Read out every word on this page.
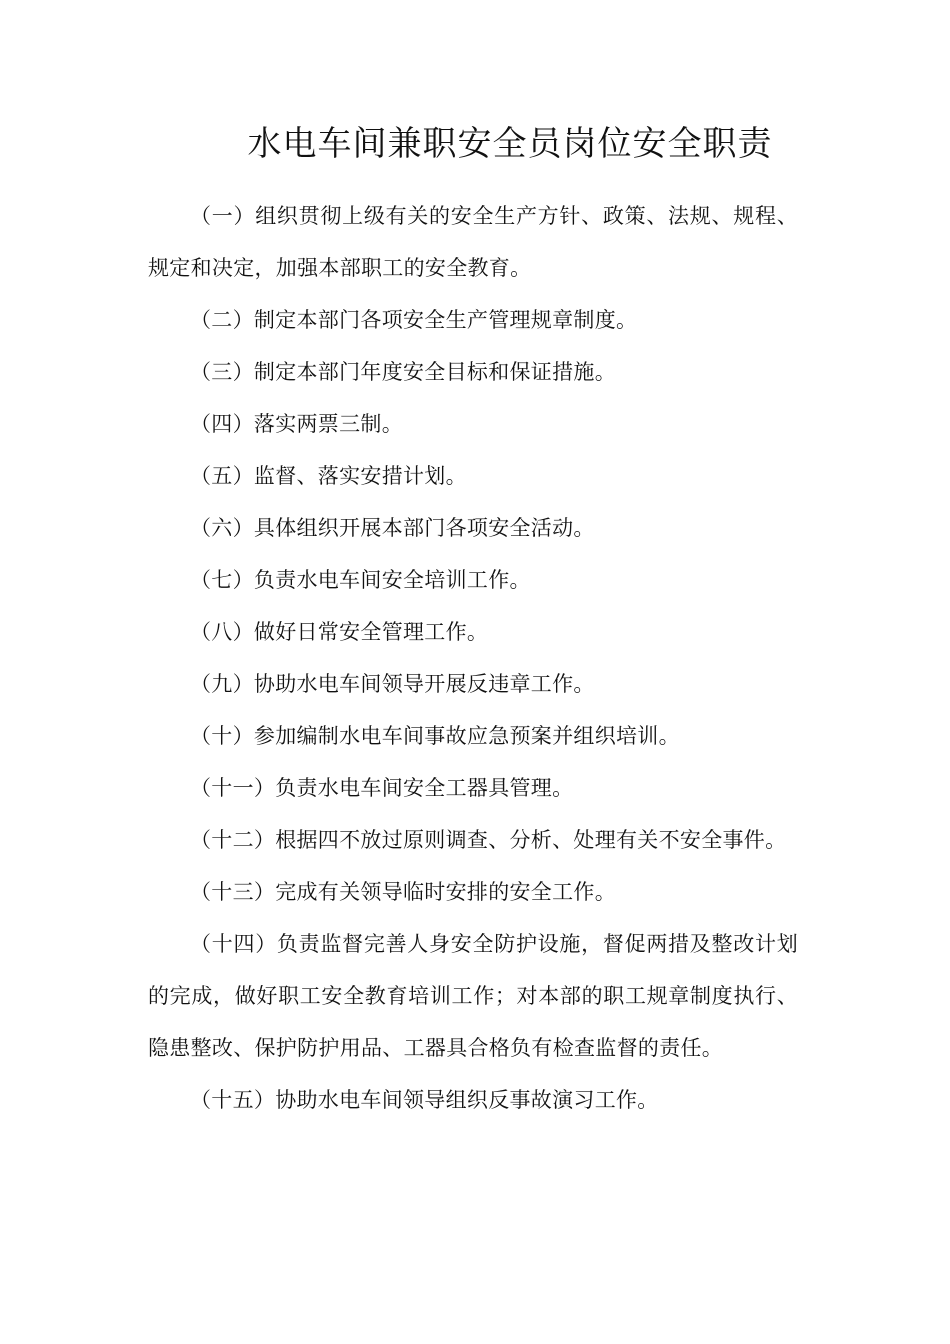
水电车间兼职安全员岗位安全职责

（一）组织贯彻上级有关的安全生产方针、政策、法规、规程、规定和决定，加强本部职工的安全教育。

（二）制定本部门各项安全生产管理规章制度。

（三）制定本部门年度安全目标和保证措施。

（四）落实两票三制。

（五）监督、落实安措计划。

（六）具体组织开展本部门各项安全活动。

（七）负责水电车间安全培训工作。

（八）做好日常安全管理工作。

（九）协助水电车间领导开展反违章工作。

（十）参加编制水电车间事故应急预案并组织培训。

（十一）负责水电车间安全工器具管理。

（十二）根据四不放过原则调查、分析、处理有关不安全事件。

（十三）完成有关领导临时安排的安全工作。

（十四）负责监督完善人身安全防护设施，督促两措及整改计划的完成，做好职工安全教育培训工作；对本部的职工规章制度执行、隐患整改、保护防护用品、工器具合格负有检查监督的责任。

（十五）协助水电车间领导组织反事故演习工作。
